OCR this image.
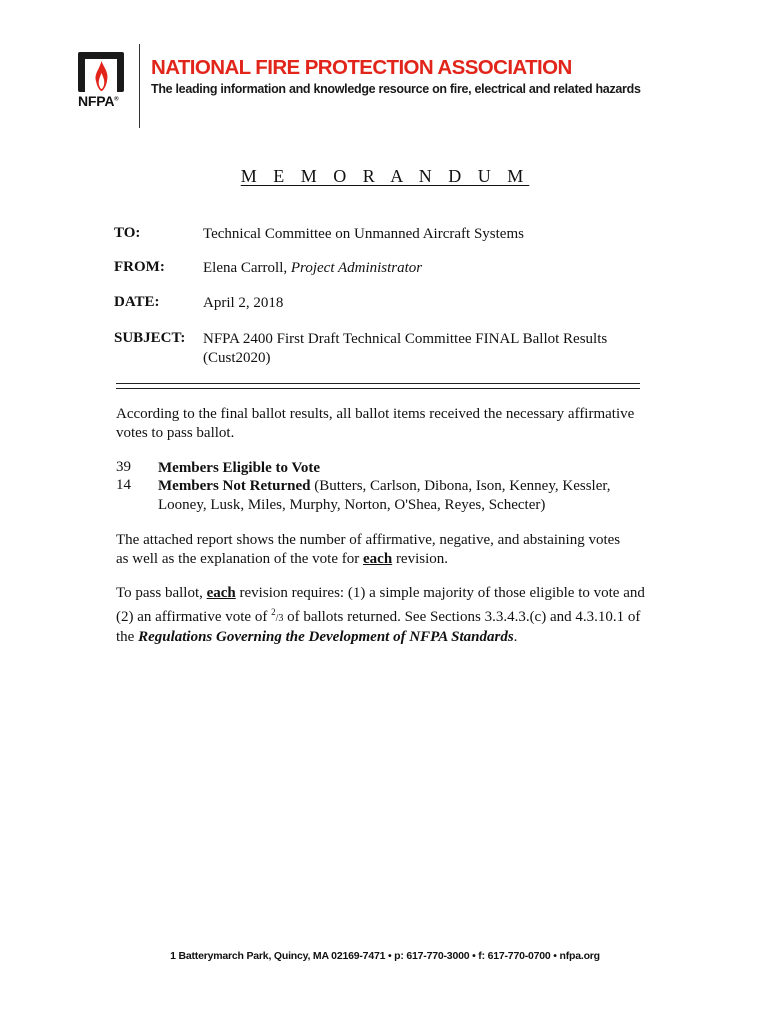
NFPA®
NATIONAL FIRE PROTECTION ASSOCIATION
The leading information and knowledge resource on fire, electrical and related hazards
M E M O R A N D U M
TO:	Technical Committee on Unmanned Aircraft Systems
FROM:	Elena Carroll, Project Administrator
DATE:	April 2, 2018
SUBJECT: NFPA 2400 First Draft Technical Committee FINAL Ballot Results
(Cust2020)
According to the final ballot results, all ballot items received the necessary affirmative votes to pass ballot.
39 Members Eligible to Vote
14 Members Not Returned (Butters, Carlson, Dibona, Ison, Kenney, Kessler, Looney, Lusk, Miles, Murphy, Norton, O'Shea, Reyes, Schecter)
The attached report shows the number of affirmative, negative, and abstaining votes as well as the explanation of the vote for each revision.
To pass ballot, each revision requires: (1) a simple majority of those eligible to vote and (2) an affirmative vote of $^2$/3 of ballots returned. See Sections 3.3.4.3.(c) and 4.3.10.1 of the Regulations Governing the Development of NFPA Standards.
1 Batterymarch Park, Quincy, MA 02169-7471 • p: 617-770-3000 • f: 617-770-0700 • nfpa.org
